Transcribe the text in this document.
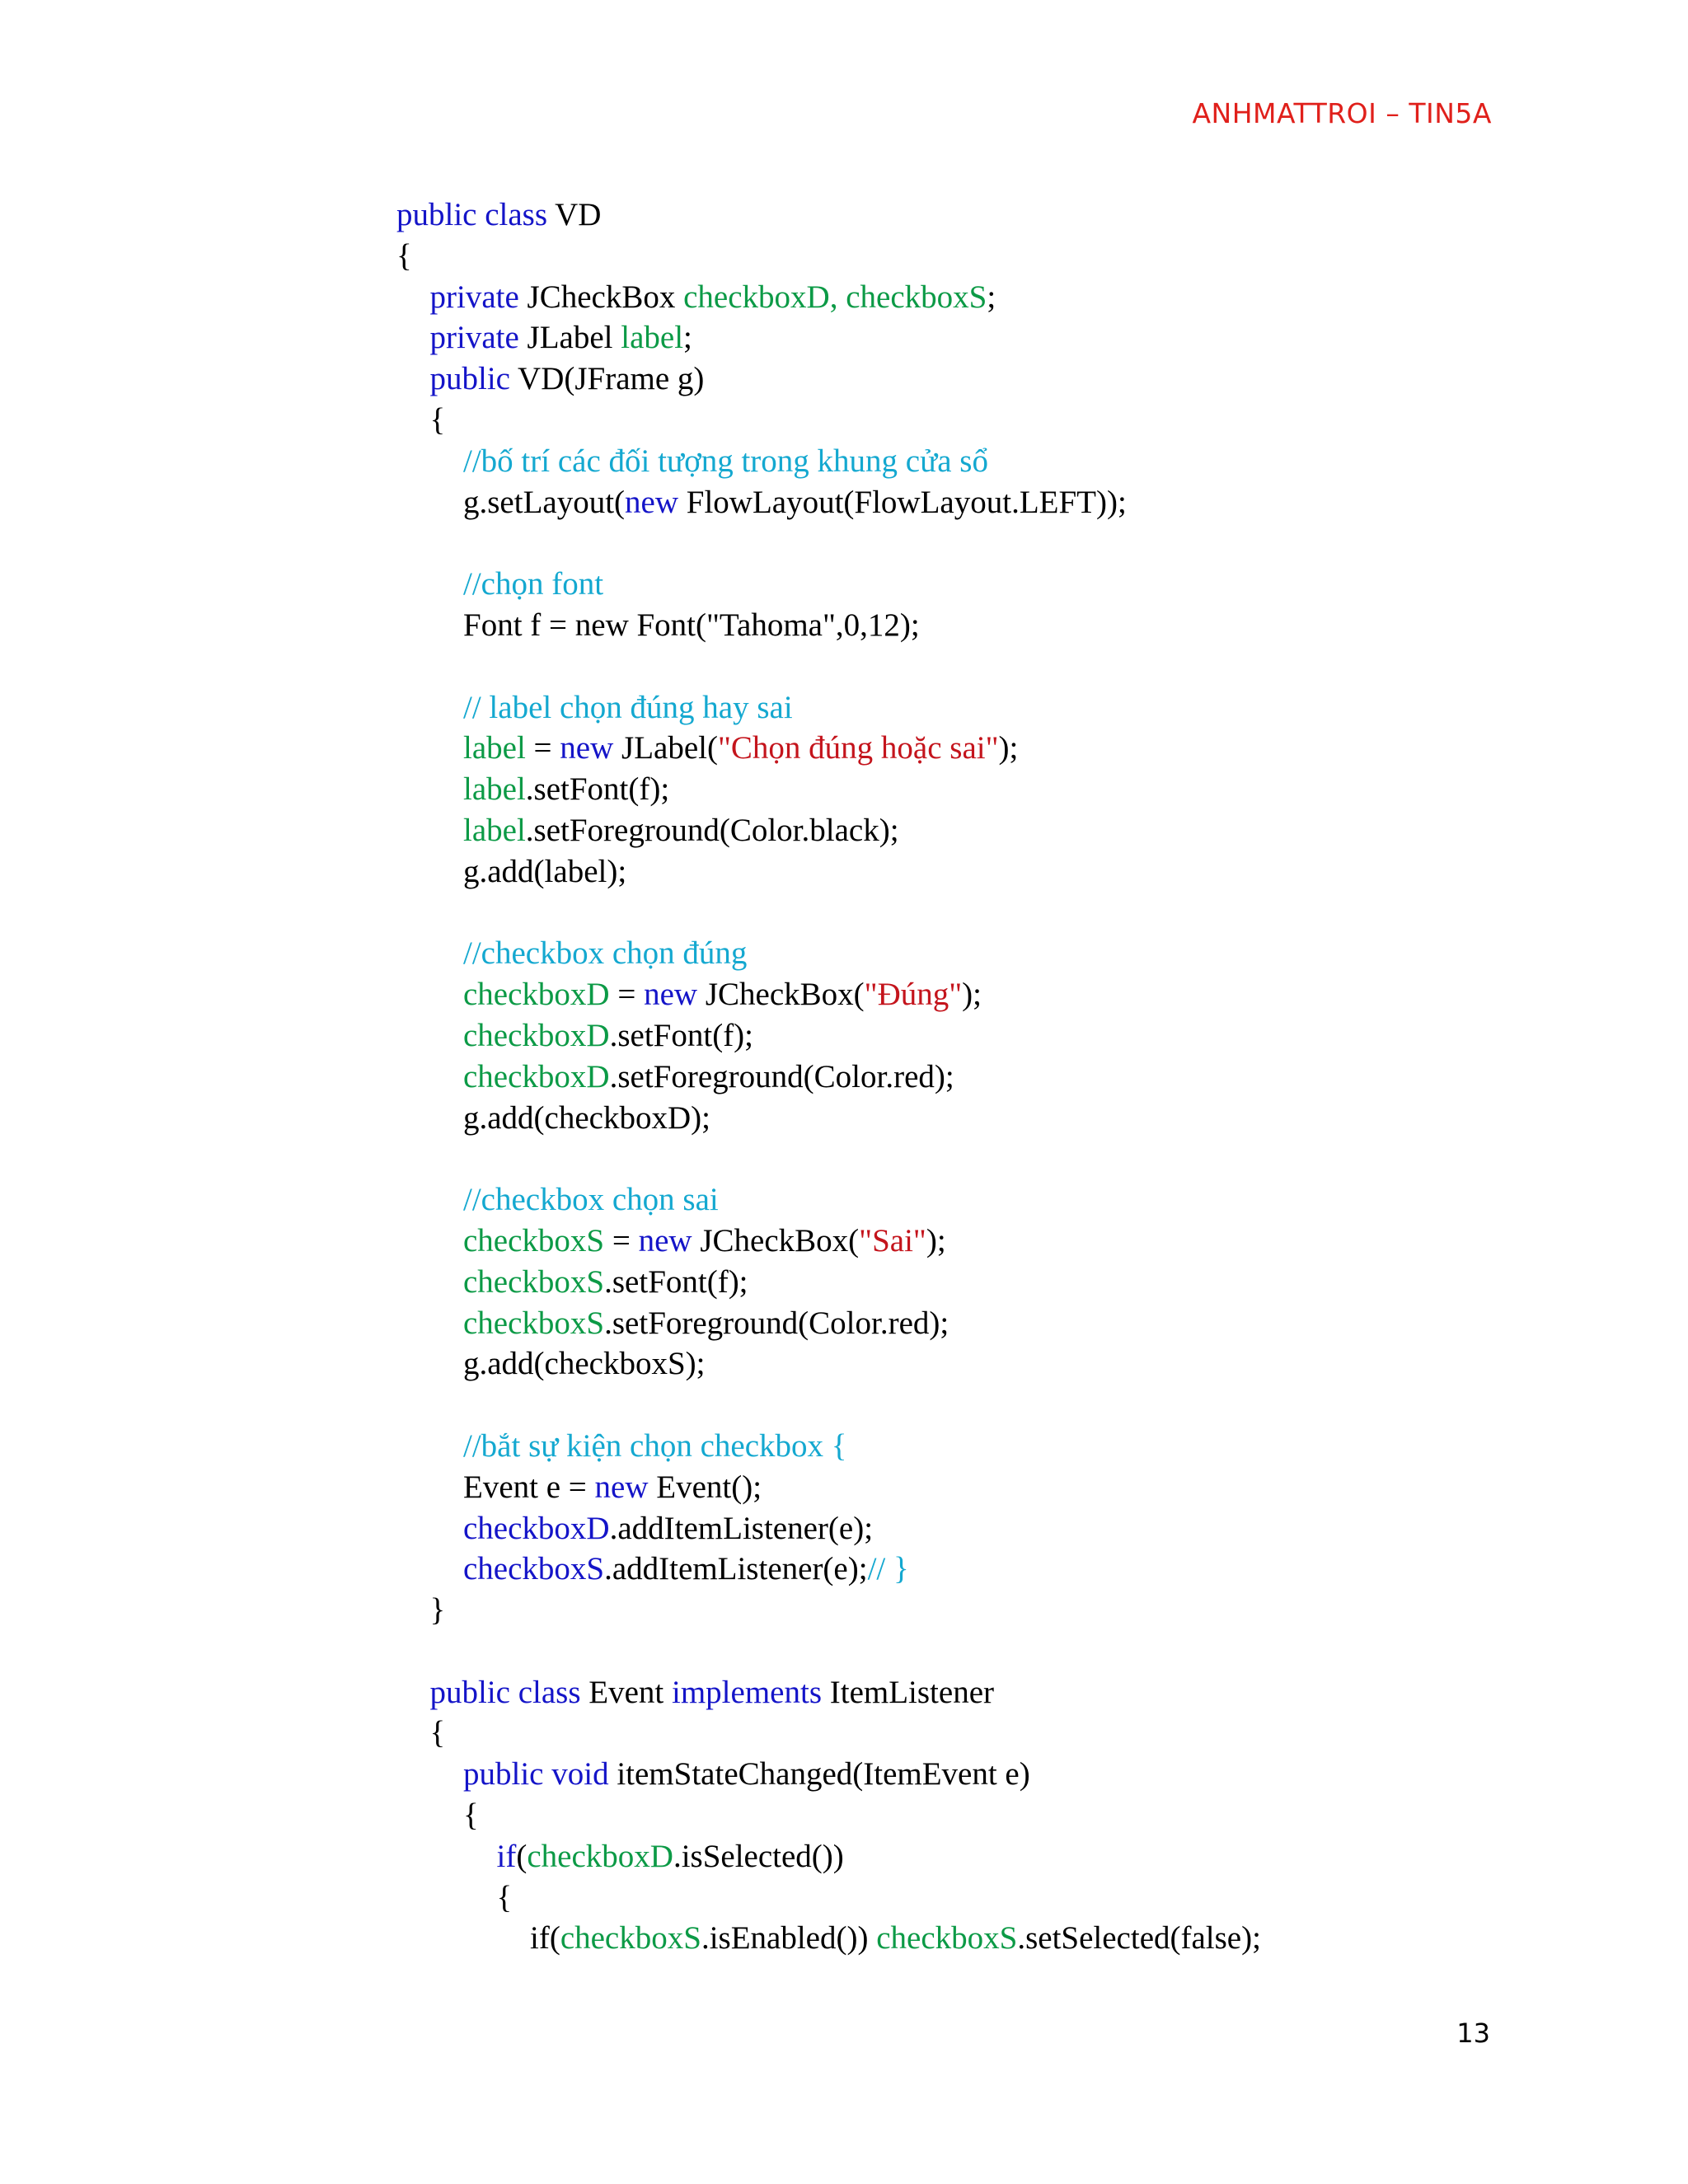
ANHMATTROI – TIN5A
public class VD
{
private JCheckBox checkboxD, checkboxS;
private JLabel label;
public VD(JFrame g)
{
//bố trí các đối tượng trong khung cửa sổ
g.setLayout(new FlowLayout(FlowLayout.LEFT));
//chọn font
Font f = new Font("Tahoma",0,12);
// label chọn đúng hay sai
label = new JLabel("Chọn đúng hoặc sai");
label.setFont(f);
label.setForeground(Color.black);
g.add(label);
//checkbox chọn đúng
checkboxD = new JCheckBox("Đúng");
checkboxD.setFont(f);
checkboxD.setForeground(Color.red);
g.add(checkboxD);
//checkbox chọn sai
checkboxS = new JCheckBox("Sai");
checkboxS.setFont(f);
checkboxS.setForeground(Color.red);
g.add(checkboxS);
//bắt sự kiện chọn checkbox {
Event e = new Event();
checkboxD.addItemListener(e);
checkboxS.addItemListener(e);// }
}
public class Event implements ItemListener
{
public void itemStateChanged(ItemEvent e)
{
if(checkboxD.isSelected())
{
if(checkboxS.isEnabled()) checkboxS.setSelected(false);
13
